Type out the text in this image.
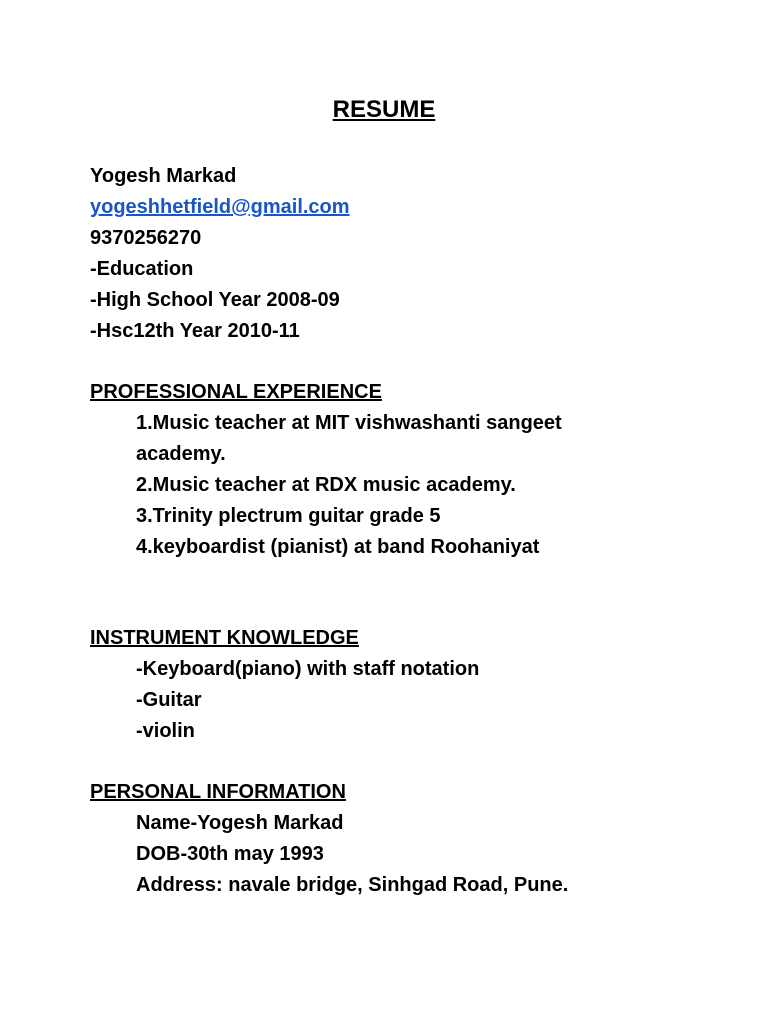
RESUME

Yogesh Markad

yogeshhetfield@gmail.com

9370256270

-Education

-High School Year 2008-09

-Hsc12th Year 2010-11

PROFESSIONAL EXPERIENCE

1.Music teacher at MIT vishwashanti sangeet

academy.

2.Music teacher at RDX music academy.

3.Trinity plectrum guitar grade 5

4.keyboardist (pianist) at band Roohaniyat

INSTRUMENT KNOWLEDGE

-Keyboard(piano) with staff notation

-Guitar

-violin

PERSONAL INFORMATION

Name-Yogesh Markad

DOB-30th may 1993

Address: navale bridge, Sinhgad Road, Pune.
